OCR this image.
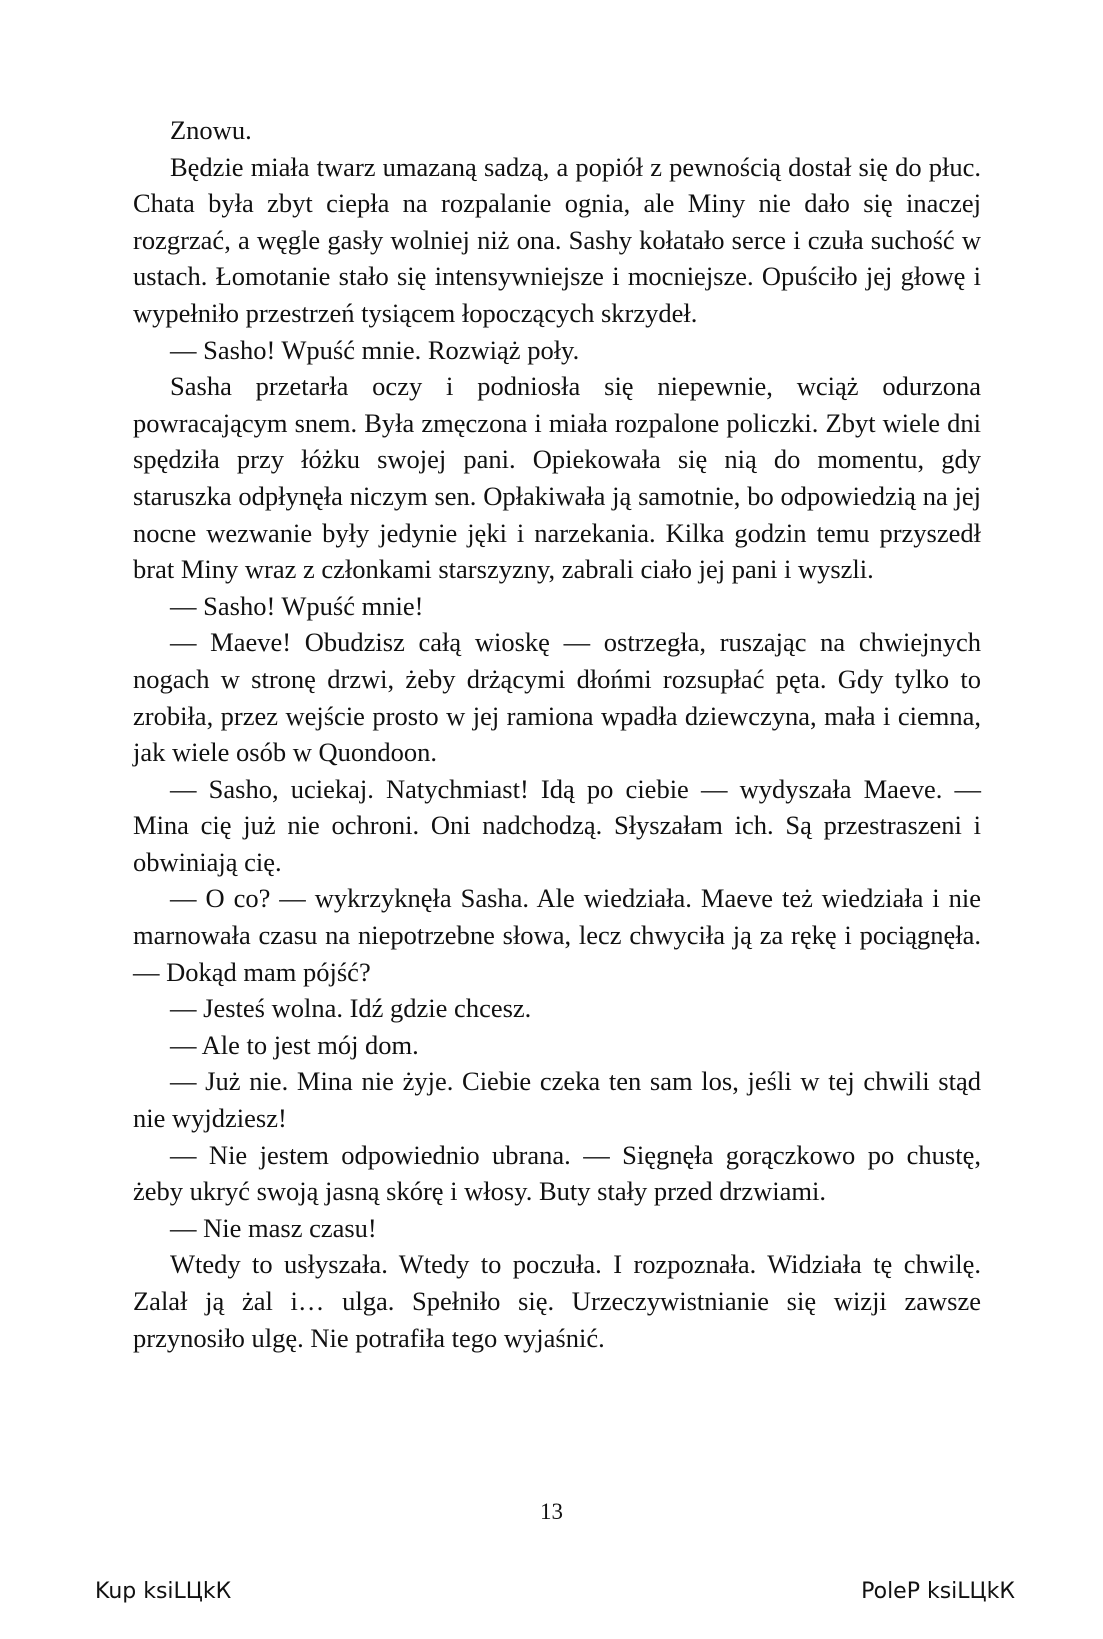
Znowu.

Będzie miała twarz umazaną sadzą, a popiół z pewnością dostał się do płuc. Chata była zbyt ciepła na rozpalanie ognia, ale Miny nie dało się inaczej rozgrzać, a węgle gasły wolniej niż ona. Sashy kołatało serce i czuła suchość w ustach. Łomotanie stało się intensywniejsze i mocniejsze. Opuściło jej głowę i wypełniło przestrzeń tysiącem łopoczących skrzydeł.

— Sasho! Wpuść mnie. Rozwiąż poły.

Sasha przetarła oczy i podniosła się niepewnie, wciąż odurzona powracającym snem. Była zmęczona i miała rozpalone policzki. Zbyt wiele dni spędziła przy łóżku swojej pani. Opiekowała się nią do momentu, gdy staruszka odpłynęła niczym sen. Opłakiwała ją samotnie, bo odpowiedzią na jej nocne wezwanie były jedynie jęki i narzekania. Kilka godzin temu przyszedł brat Miny wraz z członkami starszyzny, zabrali ciało jej pani i wyszli.

— Sasho! Wpuść mnie!

— Maeve! Obudzisz całą wioskę — ostrzegła, ruszając na chwiejnych nogach w stronę drzwi, żeby drżącymi dłońmi rozsupłać pęta. Gdy tylko to zrobiła, przez wejście prosto w jej ramiona wpadła dziewczyna, mała i ciemna, jak wiele osób w Quondoon.

— Sasho, uciekaj. Natychmiast! Idą po ciebie — wydyszała Maeve. — Mina cię już nie ochroni. Oni nadchodzą. Słyszałam ich. Są przestraszeni i obwiniają cię.

— O co? — wykrzyknęła Sasha. Ale wiedziała. Maeve też wiedziała i nie marnowała czasu na niepotrzebne słowa, lecz chwyciła ją za rękę i pociągnęła. — Dokąd mam pójść?

— Jesteś wolna. Idź gdzie chcesz.

— Ale to jest mój dom.

— Już nie. Mina nie żyje. Ciebie czeka ten sam los, jeśli w tej chwili stąd nie wyjdziesz!

— Nie jestem odpowiednio ubrana. — Sięgnęła gorączkowo po chustę, żeby ukryć swoją jasną skórę i włosy. Buty stały przed drzwiami.

— Nie masz czasu!

Wtedy to usłyszała. Wtedy to poczuła. I rozpoznała. Widziała tę chwilę. Zalał ją żal i… ulga. Spełniło się. Urzeczywistnianie się wizji zawsze przynosiło ulgę. Nie potrafiła tego wyjaśnić.

13
Kup ksiLЦkК	PoleP ksiLЦkК
